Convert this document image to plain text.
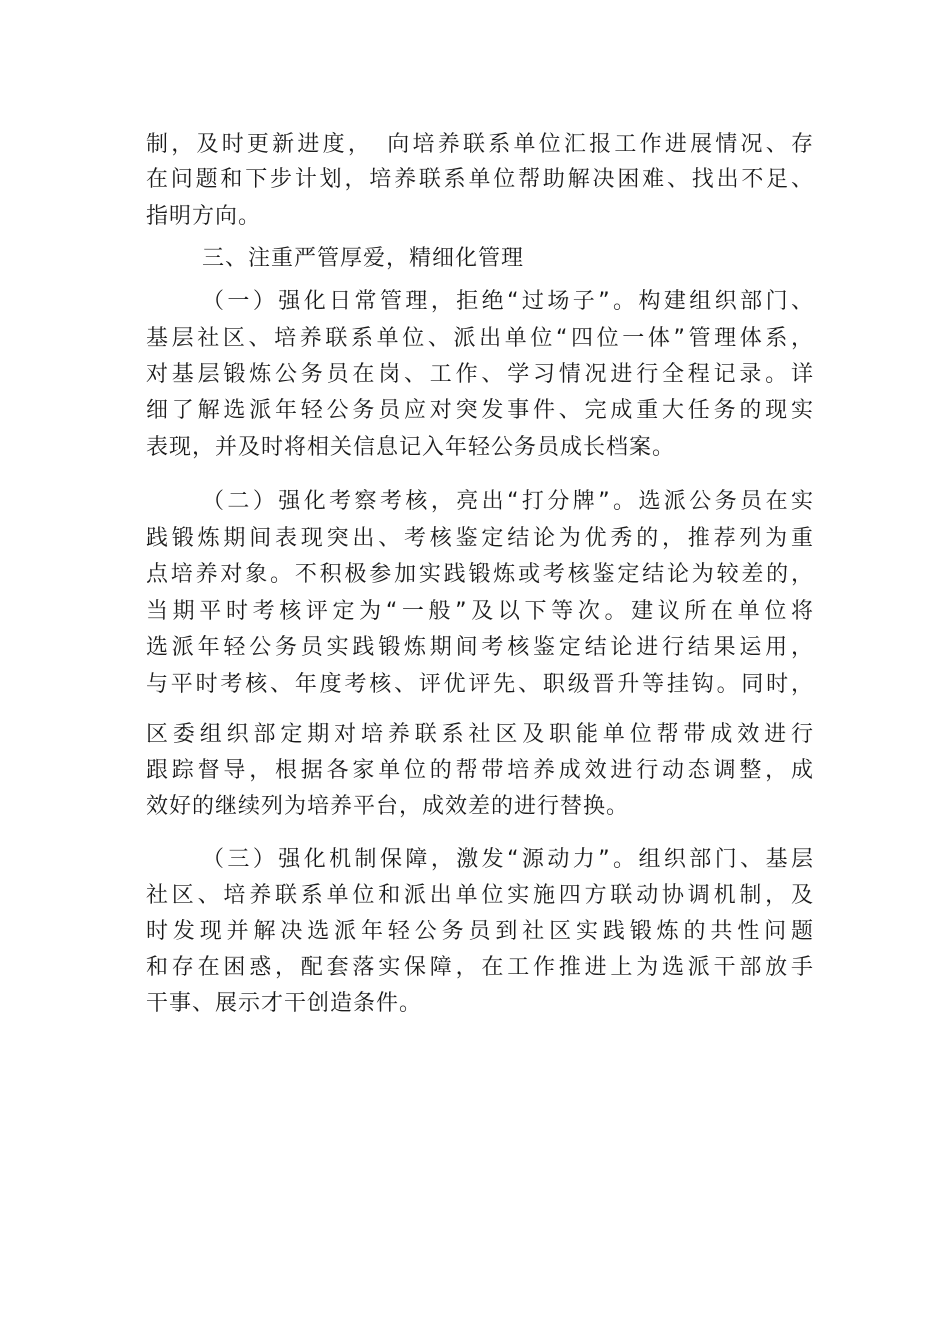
制，及时更新进度，　向培养联系单位汇报工作进展情况、存
在问题和下步计划，培养联系单位帮助解决困难、找出不足、
指明方向。
三、注重严管厚爱，精细化管理
（一）强化日常管理，拒绝“过场子”。构建组织部门、
基层社区、培养联系单位、派出单位“四位一体”管理体系，
对基层锻炼公务员在岗、工作、学习情况进行全程记录。详
细了解选派年轻公务员应对突发事件、完成重大任务的现实
表现，并及时将相关信息记入年轻公务员成长档案。
（二）强化考察考核，亮出“打分牌”。选派公务员在实
践锻炼期间表现突出、考核鉴定结论为优秀的，推荐列为重
点培养对象。不积极参加实践锻炼或考核鉴定结论为较差的，
当期平时考核评定为“一般”及以下等次。建议所在单位将
选派年轻公务员实践锻炼期间考核鉴定结论进行结果运用，
与平时考核、年度考核、评优评先、职级晋升等挂钩。同时，
区委组织部定期对培养联系社区及职能单位帮带成效进行
跟踪督导，根据各家单位的帮带培养成效进行动态调整，成
效好的继续列为培养平台，成效差的进行替换。
（三）强化机制保障，激发“源动力”。组织部门、基层
社区、培养联系单位和派出单位实施四方联动协调机制，及
时发现并解决选派年轻公务员到社区实践锻炼的共性问题
和存在困惑，配套落实保障，在工作推进上为选派干部放手
干事、展示才干创造条件。
